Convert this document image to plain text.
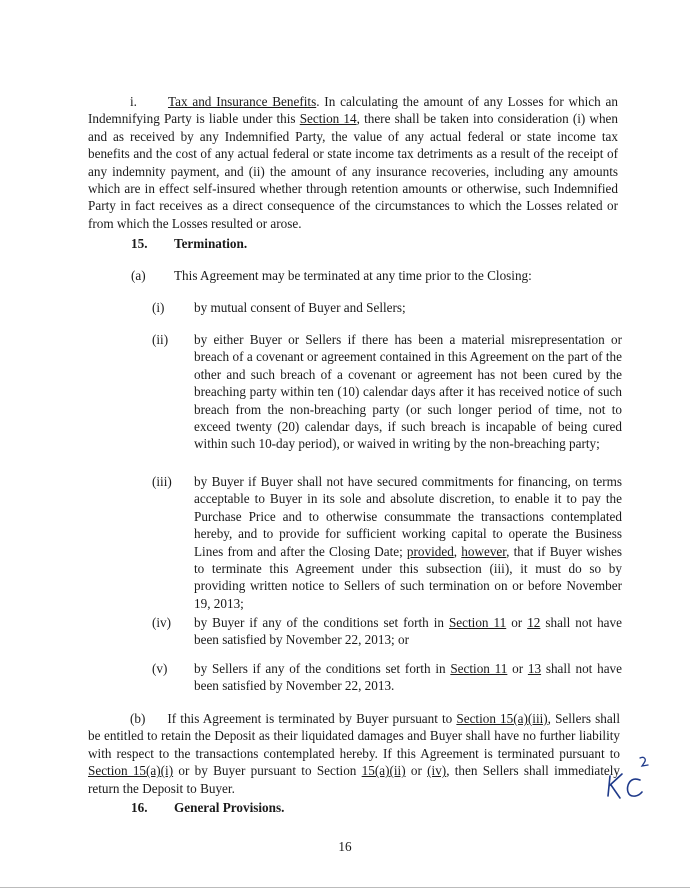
i. Tax and Insurance Benefits. In calculating the amount of any Losses for which an Indemnifying Party is liable under this Section 14, there shall be taken into consideration (i) when and as received by any Indemnified Party, the value of any actual federal or state income tax benefits and the cost of any actual federal or state income tax detriments as a result of the receipt of any indemnity payment, and (ii) the amount of any insurance recoveries, including any amounts which are in effect self-insured whether through retention amounts or otherwise, such Indemnified Party in fact receives as a direct consequence of the circumstances to which the Losses related or from which the Losses resulted or arose.
15. Termination.
(a) This Agreement may be terminated at any time prior to the Closing:
(i) by mutual consent of Buyer and Sellers;
(ii) by either Buyer or Sellers if there has been a material misrepresentation or breach of a covenant or agreement contained in this Agreement on the part of the other and such breach of a covenant or agreement has not been cured by the breaching party within ten (10) calendar days after it has received notice of such breach from the non-breaching party (or such longer period of time, not to exceed twenty (20) calendar days, if such breach is incapable of being cured within such 10-day period), or waived in writing by the non-breaching party;
(iii) by Buyer if Buyer shall not have secured commitments for financing, on terms acceptable to Buyer in its sole and absolute discretion, to enable it to pay the Purchase Price and to otherwise consummate the transactions contemplated hereby, and to provide for sufficient working capital to operate the Business Lines from and after the Closing Date; provided, however, that if Buyer wishes to terminate this Agreement under this subsection (iii), it must do so by providing written notice to Sellers of such termination on or before November 19, 2013;
(iv) by Buyer if any of the conditions set forth in Section 11 or 12 shall not have been satisfied by November 22, 2013; or
(v) by Sellers if any of the conditions set forth in Section 11 or 13 shall not have been satisfied by November 22, 2013.
(b) If this Agreement is terminated by Buyer pursuant to Section 15(a)(iii), Sellers shall be entitled to retain the Deposit as their liquidated damages and Buyer shall have no further liability with respect to the transactions contemplated hereby. If this Agreement is terminated pursuant to Section 15(a)(i) or by Buyer pursuant to Section 15(a)(ii) or (iv), then Sellers shall immediately return the Deposit to Buyer.
16. General Provisions.
16
